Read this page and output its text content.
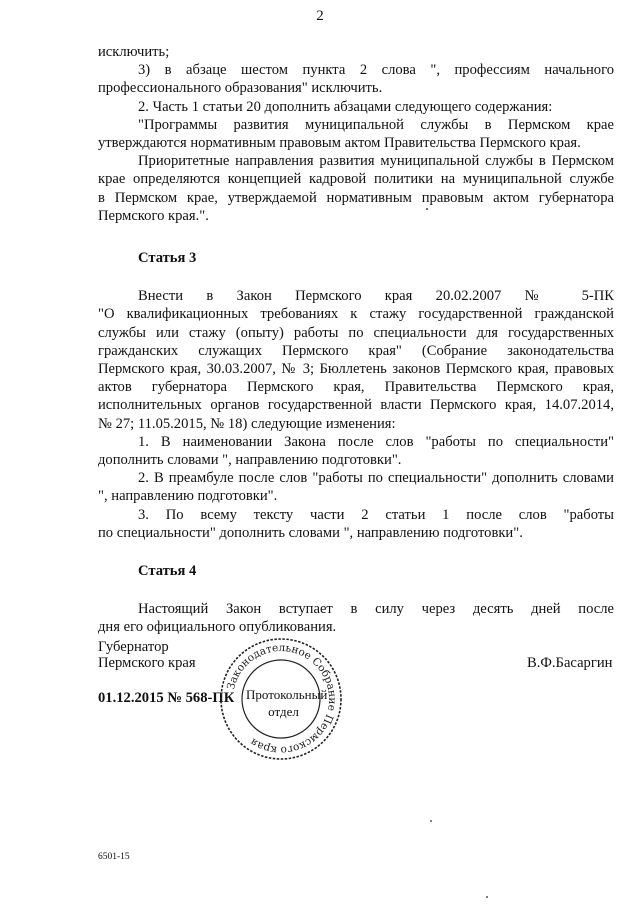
2

исключить;

3) в абзаце шестом пункта 2 слова ", профессиям начального

профессионального образования" исключить.

2. Часть 1 статьи 20 дополнить абзацами следующего содержания:

"Программы развития муниципальной службы в Пермском крае

утверждаются нормативным правовым актом Правительства Пермского края.

Приоритетные направления развития муниципальной службы в Пермском

крае определяются концепцией кадровой политики на муниципальной службе

в Пермском крае, утверждаемой нормативным правовым актом губернатора

Пермского края.".

Статья 3

Внести в Закон Пермского края 20.02.2007 № 5-ПК

"О квалификационных требованиях к стажу государственной гражданской

службы или стажу (опыту) работы по специальности для государственных

гражданских служащих Пермского края" (Собрание законодательства

Пермского края, 30.03.2007, № 3; Бюллетень законов Пермского края, правовых

актов губернатора Пермского края, Правительства Пермского края,

исполнительных органов государственной власти Пермского края, 14.07.2014,

№ 27; 11.05.2015, № 18) следующие изменения:

1. В наименовании Закона после слов "работы по специальности"

дополнить словами ", направлению подготовки".

2. В преамбуле после слов "работы по специальности" дополнить словами

", направлению подготовки".

3. По всему тексту части 2 статьи 1 после слов "работы

по специальности" дополнить словами ", направлению подготовки".

Статья 4

Настоящий Закон вступает в силу через десять дней после

дня его официального опубликования.

Губернатор
Пермского края	В.Ф.Басаргин
01.12.2015 № 568-ПК
Законодательное Собрание Пермского края
Протокольный
отдел
6501-15
